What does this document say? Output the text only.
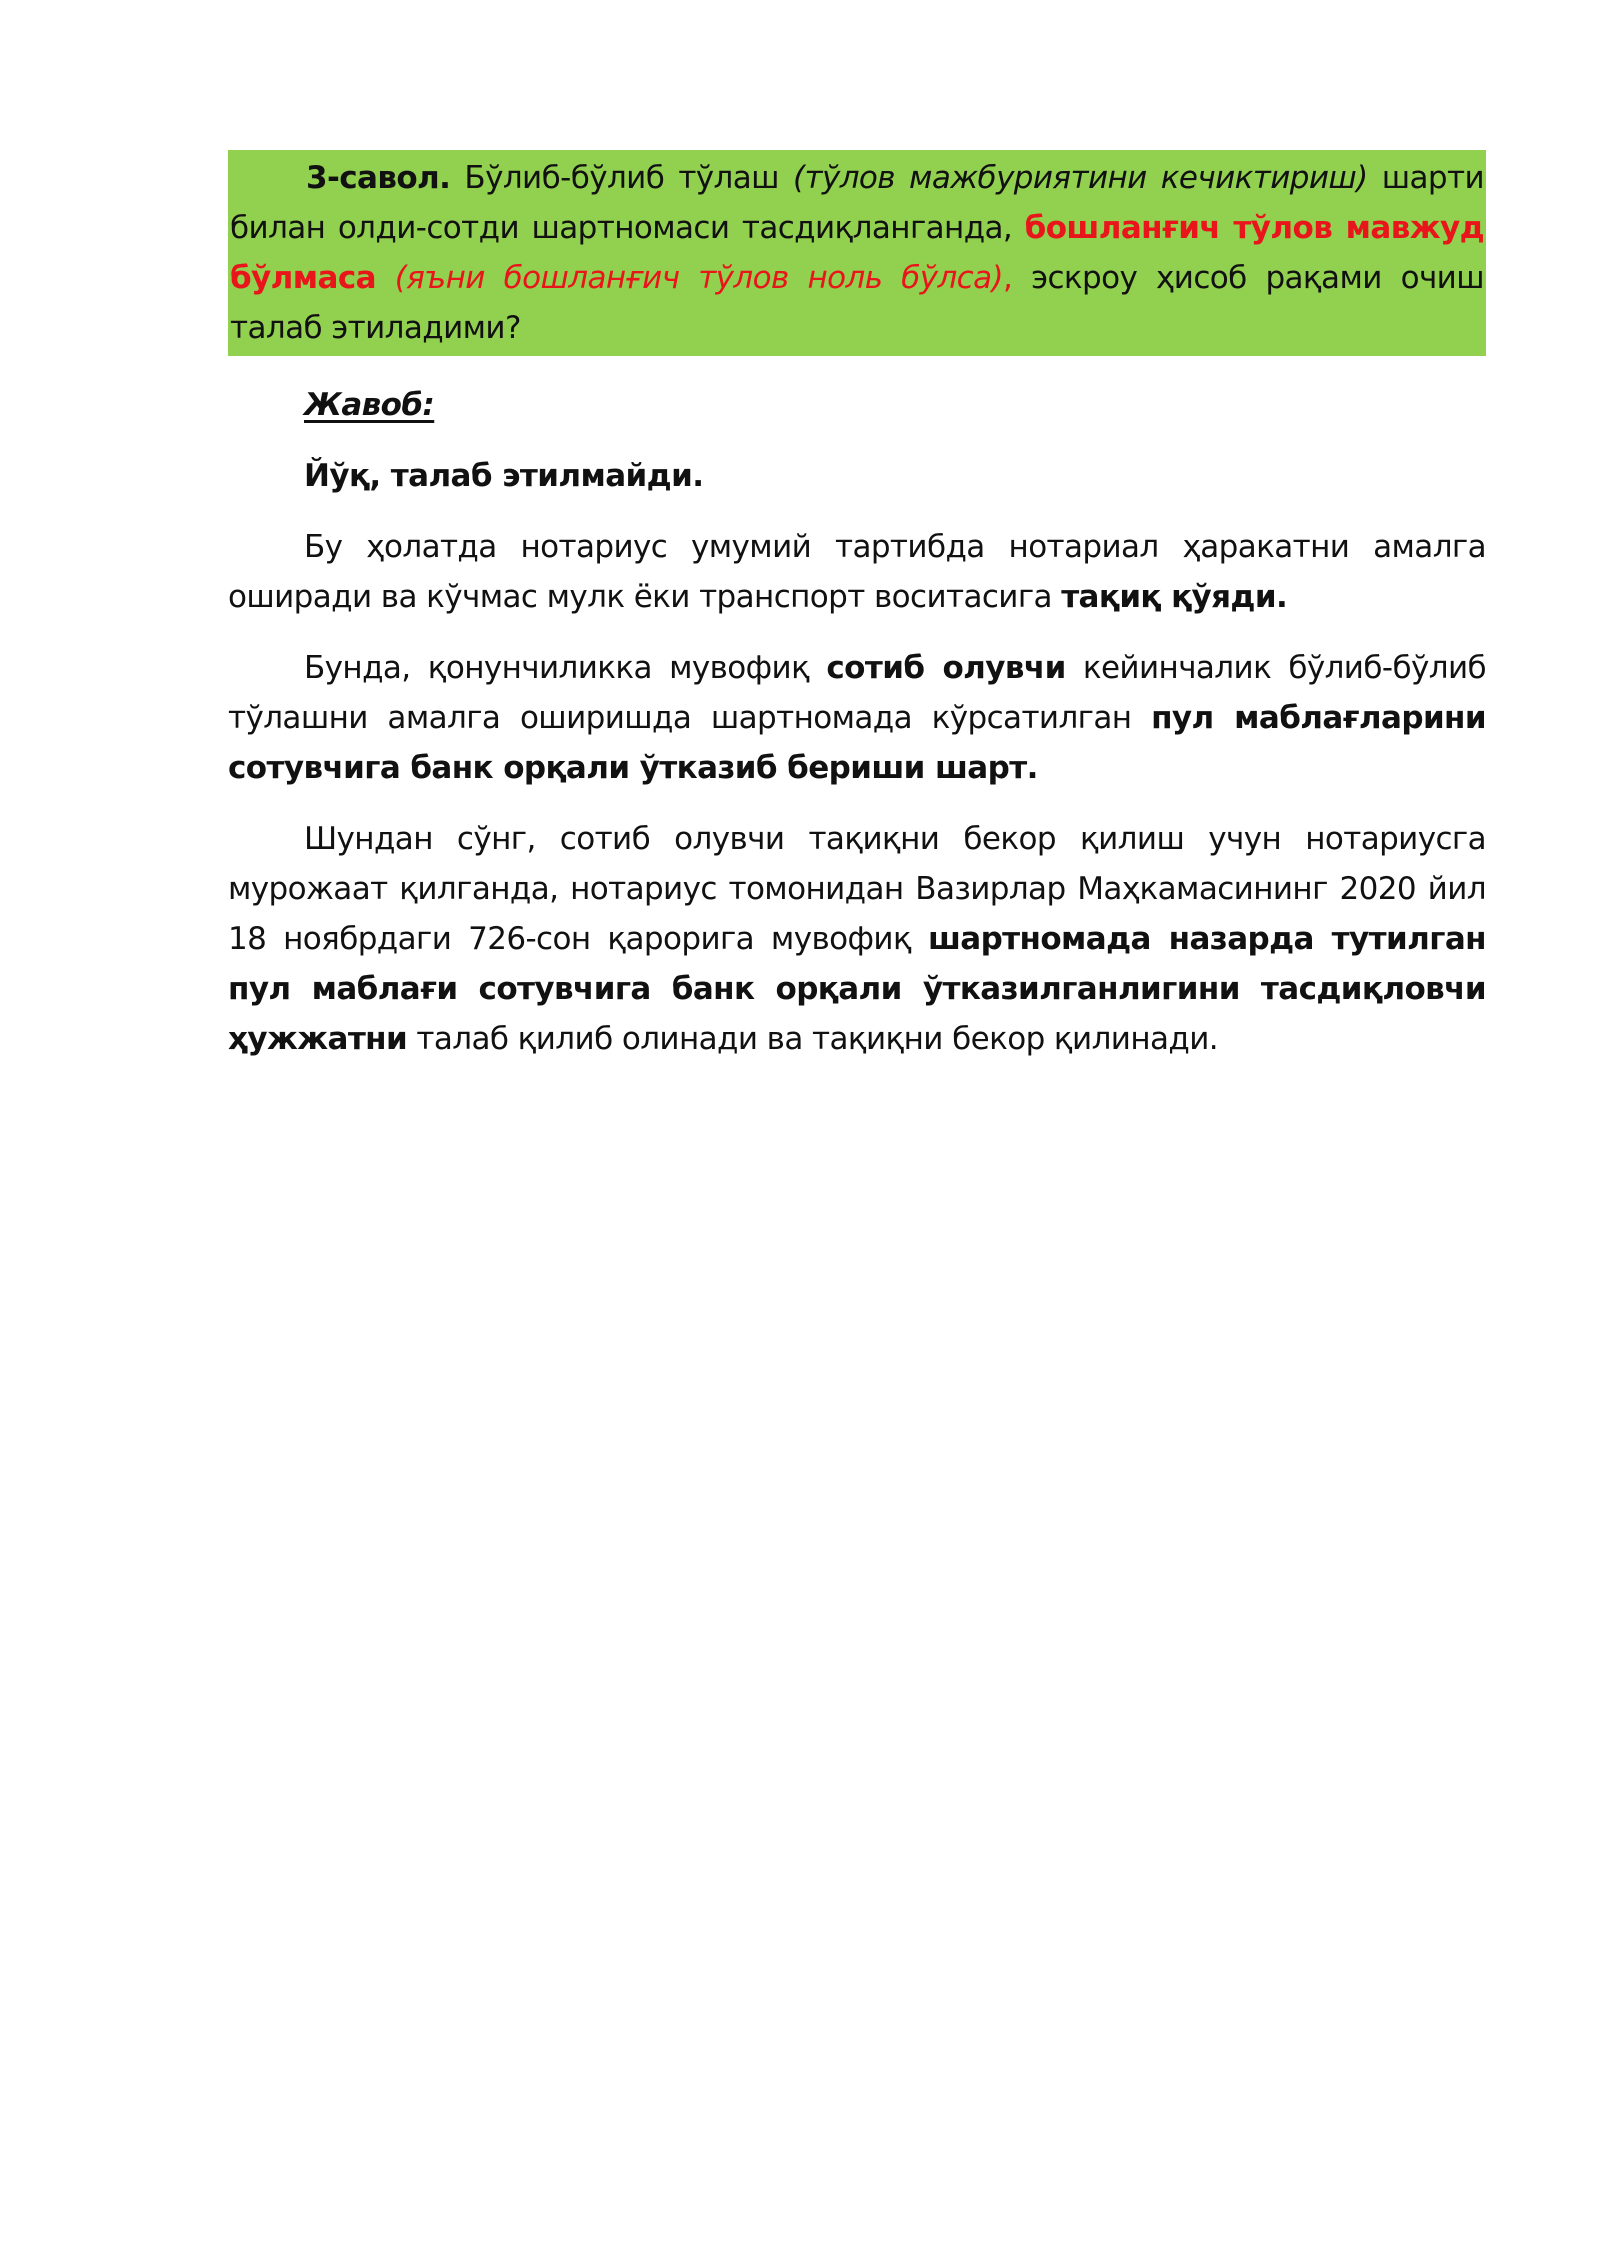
3-савол. Бўлиб-бўлиб тўлаш (тўлов мажбуриятини кечиктириш) шарти билан олди-сотди шартномаси тасдиқланганда, бошланғич тўлов мавжуд бўлмаса (яъни бошланғич тўлов ноль бўлса), эскроу ҳисоб рақами очиш талаб этиладими?

Жавоб:

Йўқ, талаб этилмайди.

Бу ҳолатда нотариус умумий тартибда нотариал ҳаракатни амалга оширади ва кўчмас мулк ёки транспорт воситасига тақиқ қўяди.

Бунда, қонунчиликка мувофиқ сотиб олувчи кейинчалик бўлиб-бўлиб тўлашни амалга оширишда шартномада кўрсатилган пул маблағларини сотувчига банк орқали ўтказиб бериши шарт.

Шундан сўнг, сотиб олувчи тақиқни бекор қилиш учун нотариусга мурожаат қилганда, нотариус томонидан Вазирлар Маҳкамасининг 2020 йил 18 ноябрдаги 726-сон қарорига мувофиқ шартномада назарда тутилган пул маблағи сотувчига банк орқали ўтказилганлигини тасдиқловчи ҳужжатни талаб қилиб олинади ва тақиқни бекор қилинади.
